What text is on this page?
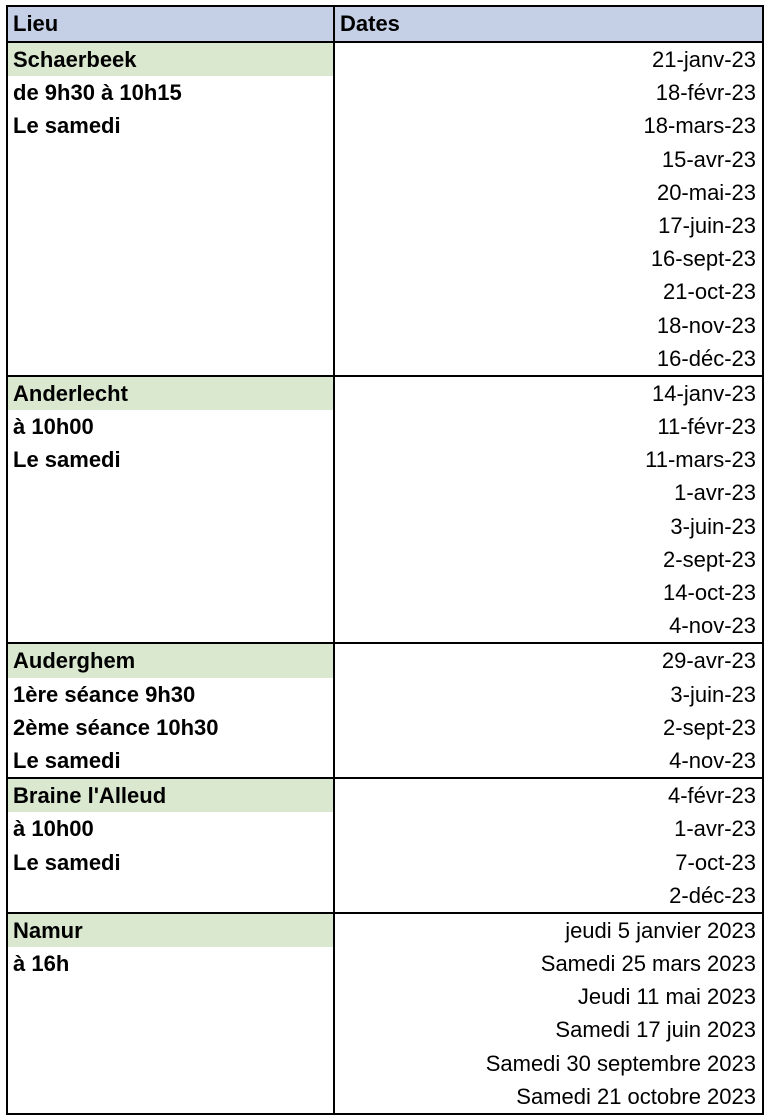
Lieu	Dates
Schaerbeek
de 9h30 à 10h15
Le samedi
21-janv-23
18-févr-23
18-mars-23
15-avr-23
20-mai-23
17-juin-23
16-sept-23
21-oct-23
18-nov-23
16-déc-23
Anderlecht
à 10h00
Le samedi
14-janv-23
11-févr-23
11-mars-23
1-avr-23
3-juin-23
2-sept-23
14-oct-23
4-nov-23
Auderghem
1ère séance 9h30
2ème séance 10h30
Le samedi
29-avr-23
3-juin-23
2-sept-23
4-nov-23
Braine l'Alleud
à 10h00
Le samedi
4-févr-23
1-avr-23
7-oct-23
2-déc-23
Namur
à 16h
jeudi 5 janvier 2023
Samedi 25 mars 2023
Jeudi 11 mai 2023
Samedi 17 juin 2023
Samedi 30 septembre 2023
Samedi 21 octobre 2023
